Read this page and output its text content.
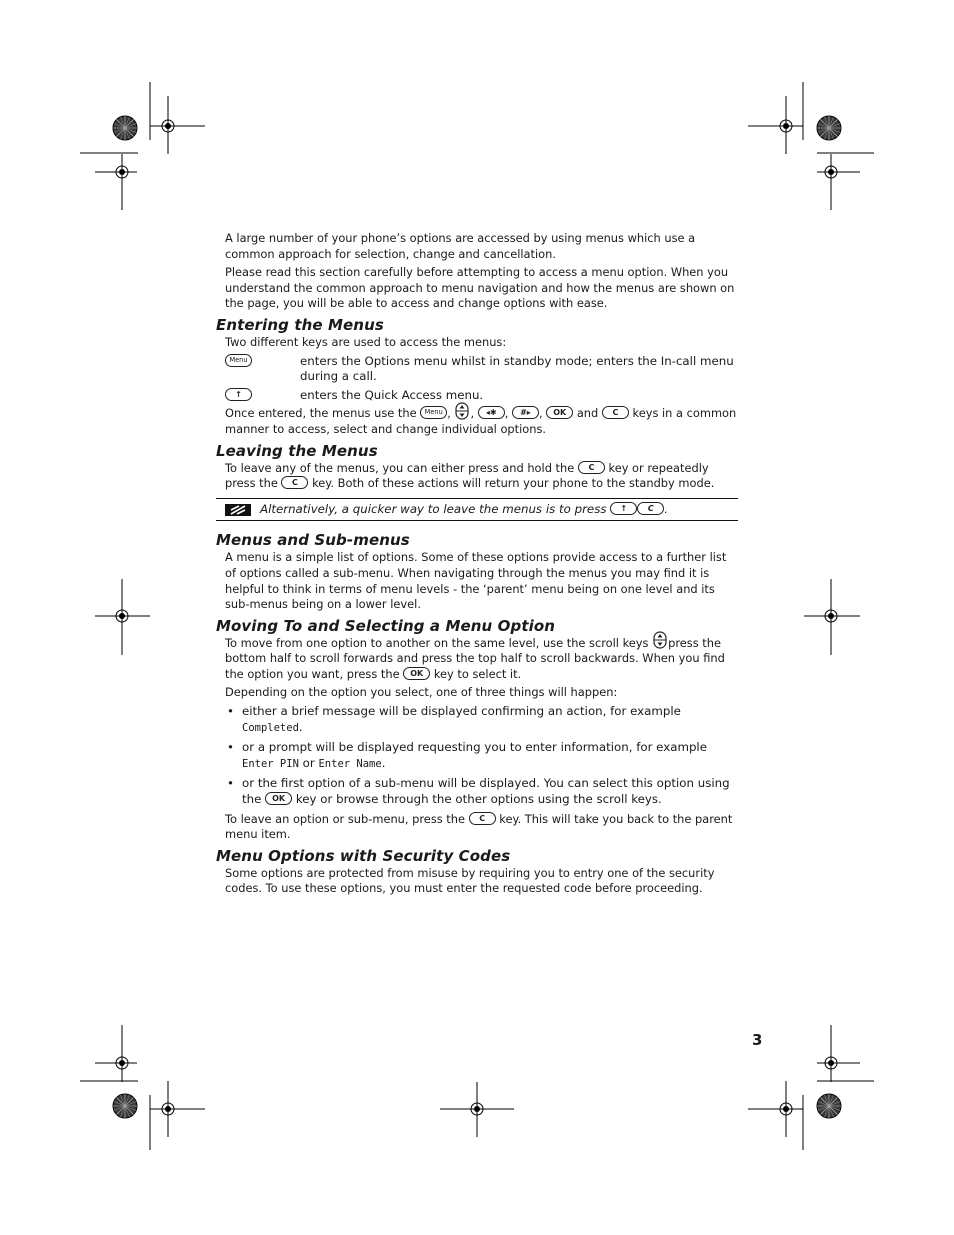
A large number of your phone’s options are accessed by using menus which use a common approach for selection, change and cancellation.

Please read this section carefully before attempting to access a menu option. When you understand the common approach to menu navigation and how the menus are shown on the page, you will be able to access and change options with ease.

Entering the Menus

Two different keys are used to access the menus:

Menu	enters the Options menu whilst in standby mode; enters the In-call menu during a call.
↑	enters the Quick Access menu.

Once entered, the menus use the Menu , , ◂✱ , #▸ , OK and C keys in a common manner to access, select and change individual options.

Leaving the Menus

To leave any of the menus, you can either press and hold the C key or repeatedly press the C key. Both of these actions will return your phone to the standby mode.

Alternatively, a quicker way to leave the menus is to press
	↑	C .
Menus and Sub-menus

A menu is a simple list of options. Some of these options provide access to a further list of options called a sub-menu. When navigating through the menus you may find it is helpful to think in terms of menu levels - the ‘parent’ menu being on one level and its sub-menus being on a lower level.

Moving To and Selecting a Menu Option

To move from one option to another on the same level, use the scroll keys press the bottom half to scroll forwards and press the top half to scroll backwards. When you find the option you want, press the OK key to select it.

Depending on the option you select, one of three things will happen:

• either a brief message will be displayed confirming an action, for example Completed.
• or a prompt will be displayed requesting you to enter information, for example Enter PIN or Enter Name.
• or the first option of a sub-menu will be displayed. You can select this option using the OK key or browse through the other options using the scroll keys.

To leave an option or sub-menu, press the C key. This will take you back to the parent menu item.

Menu Options with Security Codes

Some options are protected from misuse by requiring you to entry one of the security codes. To use these options, you must enter the requested code before proceeding.

3
